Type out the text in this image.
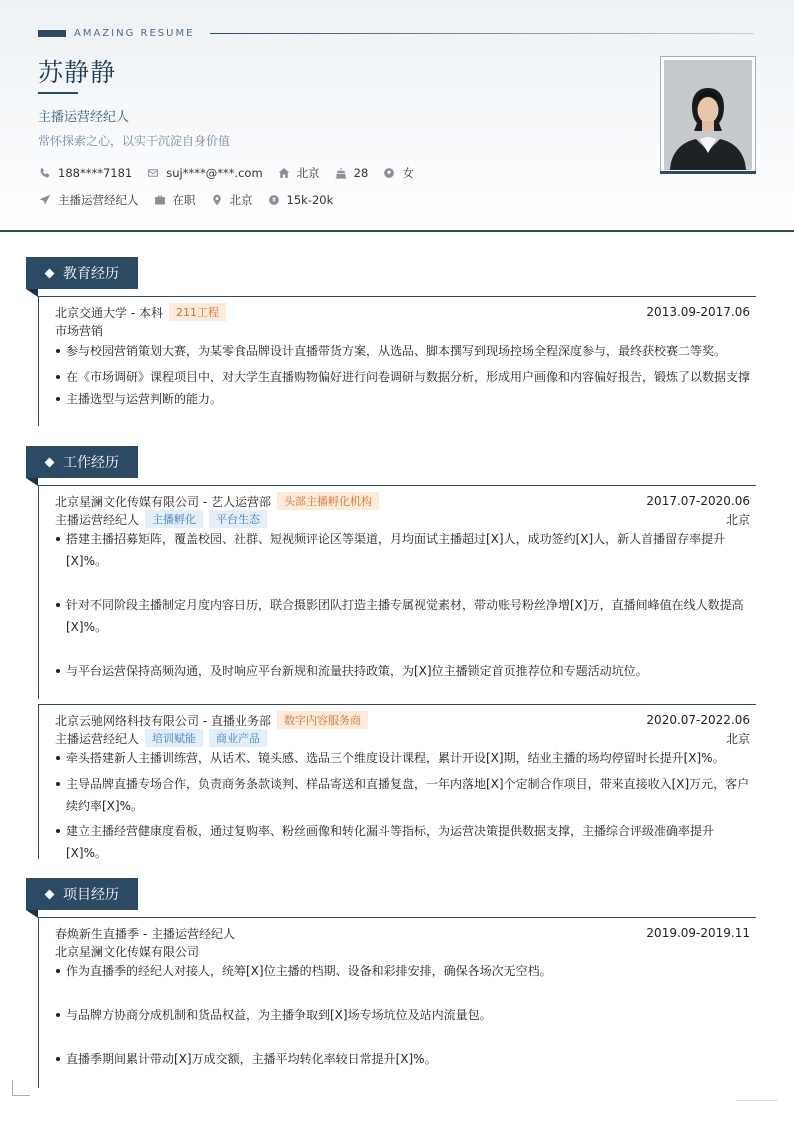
AMAZING RESUME
苏静静
主播运营经纪人
常怀探索之心，以实干沉淀自身价值
188****7181	suj****@***.com	北京	28	女
主播运营经纪人	在职	北京	15k-20k
教育经历
北京交通大学 - 本科	211工程	2013.09-2017.06
市场营销
参与校园营销策划大赛，为某零食品牌设计直播带货方案，从选品、脚本撰写到现场控场全程深度参与，最终获校赛二等奖。
在《市场调研》课程项目中，对大学生直播购物偏好进行问卷调研与数据分析，形成用户画像和内容偏好报告，锻炼了以数据支撑
主播选型与运营判断的能力。
工作经历
北京星澜文化传媒有限公司 - 艺人运营部	头部主播孵化机构	2017.07-2020.06
主播运营经纪人	主播孵化	平台生态	北京
搭建主播招募矩阵，覆盖校园、社群、短视频评论区等渠道，月均面试主播超过[X]人，成功签约[X]人，新人首播留存率提升
[X]%。
针对不同阶段主播制定月度内容日历，联合摄影团队打造主播专属视觉素材，带动账号粉丝净增[X]万，直播间峰值在线人数提高
[X]%。
与平台运营保持高频沟通，及时响应平台新规和流量扶持政策，为[X]位主播锁定首页推荐位和专题活动坑位。
北京云驰网络科技有限公司 - 直播业务部	数字内容服务商	2020.07-2022.06
主播运营经纪人	培训赋能	商业产品	北京
牵头搭建新人主播训练营，从话术、镜头感、选品三个维度设计课程，累计开设[X]期，结业主播的场均停留时长提升[X]%。
主导品牌直播专场合作，负责商务条款谈判、样品寄送和直播复盘，一年内落地[X]个定制合作项目，带来直接收入[X]万元，客户
续约率[X]%。
建立主播经营健康度看板，通过复购率、粉丝画像和转化漏斗等指标，为运营决策提供数据支撑，主播综合评级准确率提升[X]%。
项目经历
春焕新生直播季 - 主播运营经纪人	2019.09-2019.11
北京星澜文化传媒有限公司
作为直播季的经纪人对接人，统筹[X]位主播的档期、设备和彩排安排，确保各场次无空档。
与品牌方协商分成机制和货品权益，为主播争取到[X]场专场坑位及站内流量包。
直播季期间累计带动[X]万成交额，主播平均转化率较日常提升[X]%。
